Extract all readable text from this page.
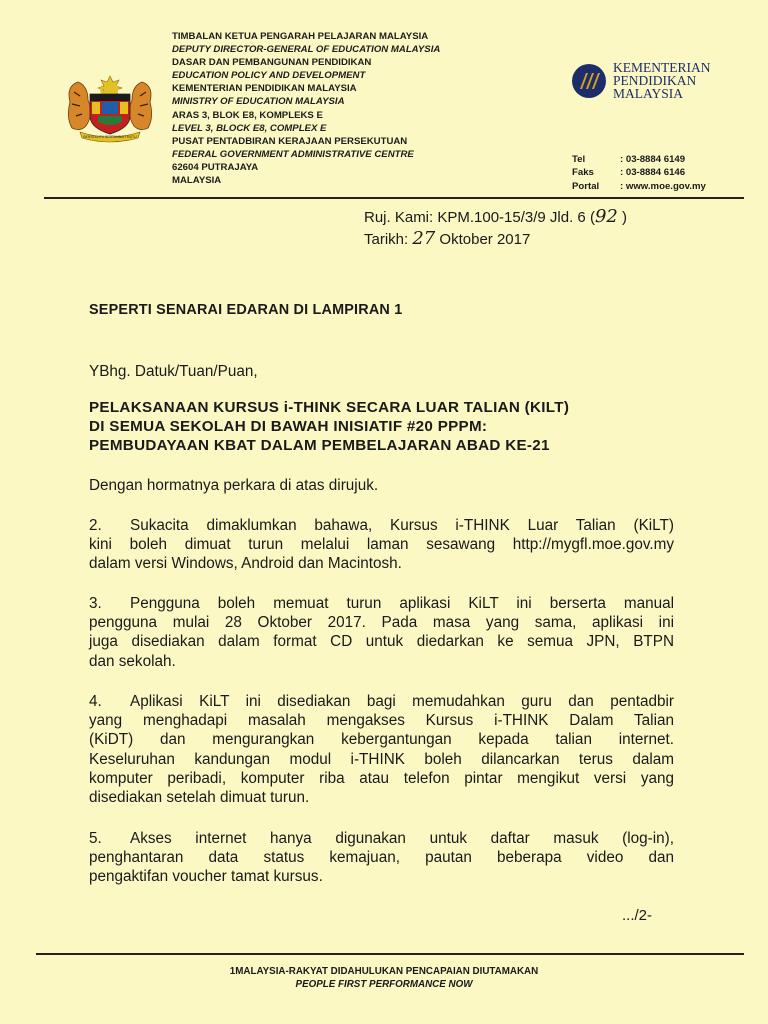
BERSEKUTU BERTAMBAH MUTU
TIMBALAN KETUA PENGARAH PELAJARAN MALAYSIA
DEPUTY DIRECTOR-GENERAL OF EDUCATION MALAYSIA
DASAR DAN PEMBANGUNAN PENDIDIKAN
EDUCATION POLICY AND DEVELOPMENT
KEMENTERIAN PENDIDIKAN MALAYSIA
MINISTRY OF EDUCATION MALAYSIA
ARAS 3, BLOK E8, KOMPLEKS E
LEVEL 3, BLOCK E8, COMPLEX E
PUSAT PENTADBIRAN KERAJAAN PERSEKUTUAN
FEDERAL GOVERNMENT ADMINISTRATIVE CENTRE
62604 PUTRAJAYA
MALAYSIA
KEMENTERIAN
PENDIDIKAN
MALAYSIA
Tel	: 03-8884 6149
Faks	: 03-8884 6146
Portal	: www.moe.gov.my
Ruj. Kami: KPM.100-15/3/9 Jld. 6 (92 )
Tarikh: 27 Oktober 2017
SEPERTI SENARAI EDARAN DI LAMPIRAN 1
YBhg. Datuk/Tuan/Puan,
PELAKSANAAN KURSUS i-THINK SECARA LUAR TALIAN (KILT)
DI SEMUA SEKOLAH DI BAWAH INISIATIF #20 PPPM:
PEMBUDAYAAN KBAT DALAM PEMBELAJARAN ABAD KE-21
Dengan hormatnya perkara di atas dirujuk.
2. Sukacita dimaklumkan bahawa, Kursus i-THINK Luar Talian (KiLT)
kini boleh dimuat turun melalui laman sesawang http://mygfl.moe.gov.my
dalam versi Windows, Android dan Macintosh.
3. Pengguna boleh memuat turun aplikasi KiLT ini berserta manual
pengguna mulai 28 Oktober 2017. Pada masa yang sama, aplikasi ini
juga disediakan dalam format CD untuk diedarkan ke semua JPN, BTPN
dan sekolah.
4. Aplikasi KiLT ini disediakan bagi memudahkan guru dan pentadbir
yang menghadapi masalah mengakses Kursus i-THINK Dalam Talian
(KiDT) dan mengurangkan kebergantungan kepada talian internet.
Keseluruhan kandungan modul i-THINK boleh dilancarkan terus dalam
komputer peribadi, komputer riba atau telefon pintar mengikut versi yang
disediakan setelah dimuat turun.
5. Akses internet hanya digunakan untuk daftar masuk (log-in),
penghantaran data status kemajuan, pautan beberapa video dan
pengaktifan voucher tamat kursus.
.../2-
1MALAYSIA-RAKYAT DIDAHULUKAN PENCAPAIAN DIUTAMAKAN
PEOPLE FIRST PERFORMANCE NOW
